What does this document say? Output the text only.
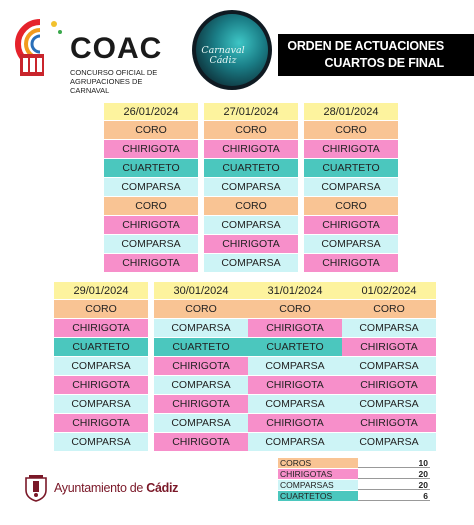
COAC
CONCURSO OFICIAL DE AGRUPACIONES DE CARNAVAL
Carnaval
Cádiz
ORDEN DE ACTUACIONES
CUARTOS DE FINAL
26/01/2024
CORO
CHIRIGOTA
CUARTETO
COMPARSA
CORO
CHIRIGOTA
COMPARSA
CHIRIGOTA
27/01/2024
CORO
CHIRIGOTA
CUARTETO
COMPARSA
CORO
COMPARSA
CHIRIGOTA
COMPARSA
28/01/2024
CORO
CHIRIGOTA
CUARTETO
COMPARSA
CORO
CHIRIGOTA
COMPARSA
CHIRIGOTA
29/01/2024
CORO
CHIRIGOTA
CUARTETO
COMPARSA
CHIRIGOTA
COMPARSA
CHIRIGOTA
COMPARSA
30/01/2024
CORO
COMPARSA
CUARTETO
CHIRIGOTA
COMPARSA
CHIRIGOTA
COMPARSA
CHIRIGOTA
31/01/2024
CORO
CHIRIGOTA
CUARTETO
COMPARSA
CHIRIGOTA
COMPARSA
CHIRIGOTA
COMPARSA
01/02/2024
CORO
COMPARSA
CHIRIGOTA
COMPARSA
CHIRIGOTA
COMPARSA
CHIRIGOTA
COMPARSA
Ayuntamiento de Cádiz
COROS	10
CHIRIGOTAS	20
COMPARSAS	20
CUARTETOS	6
